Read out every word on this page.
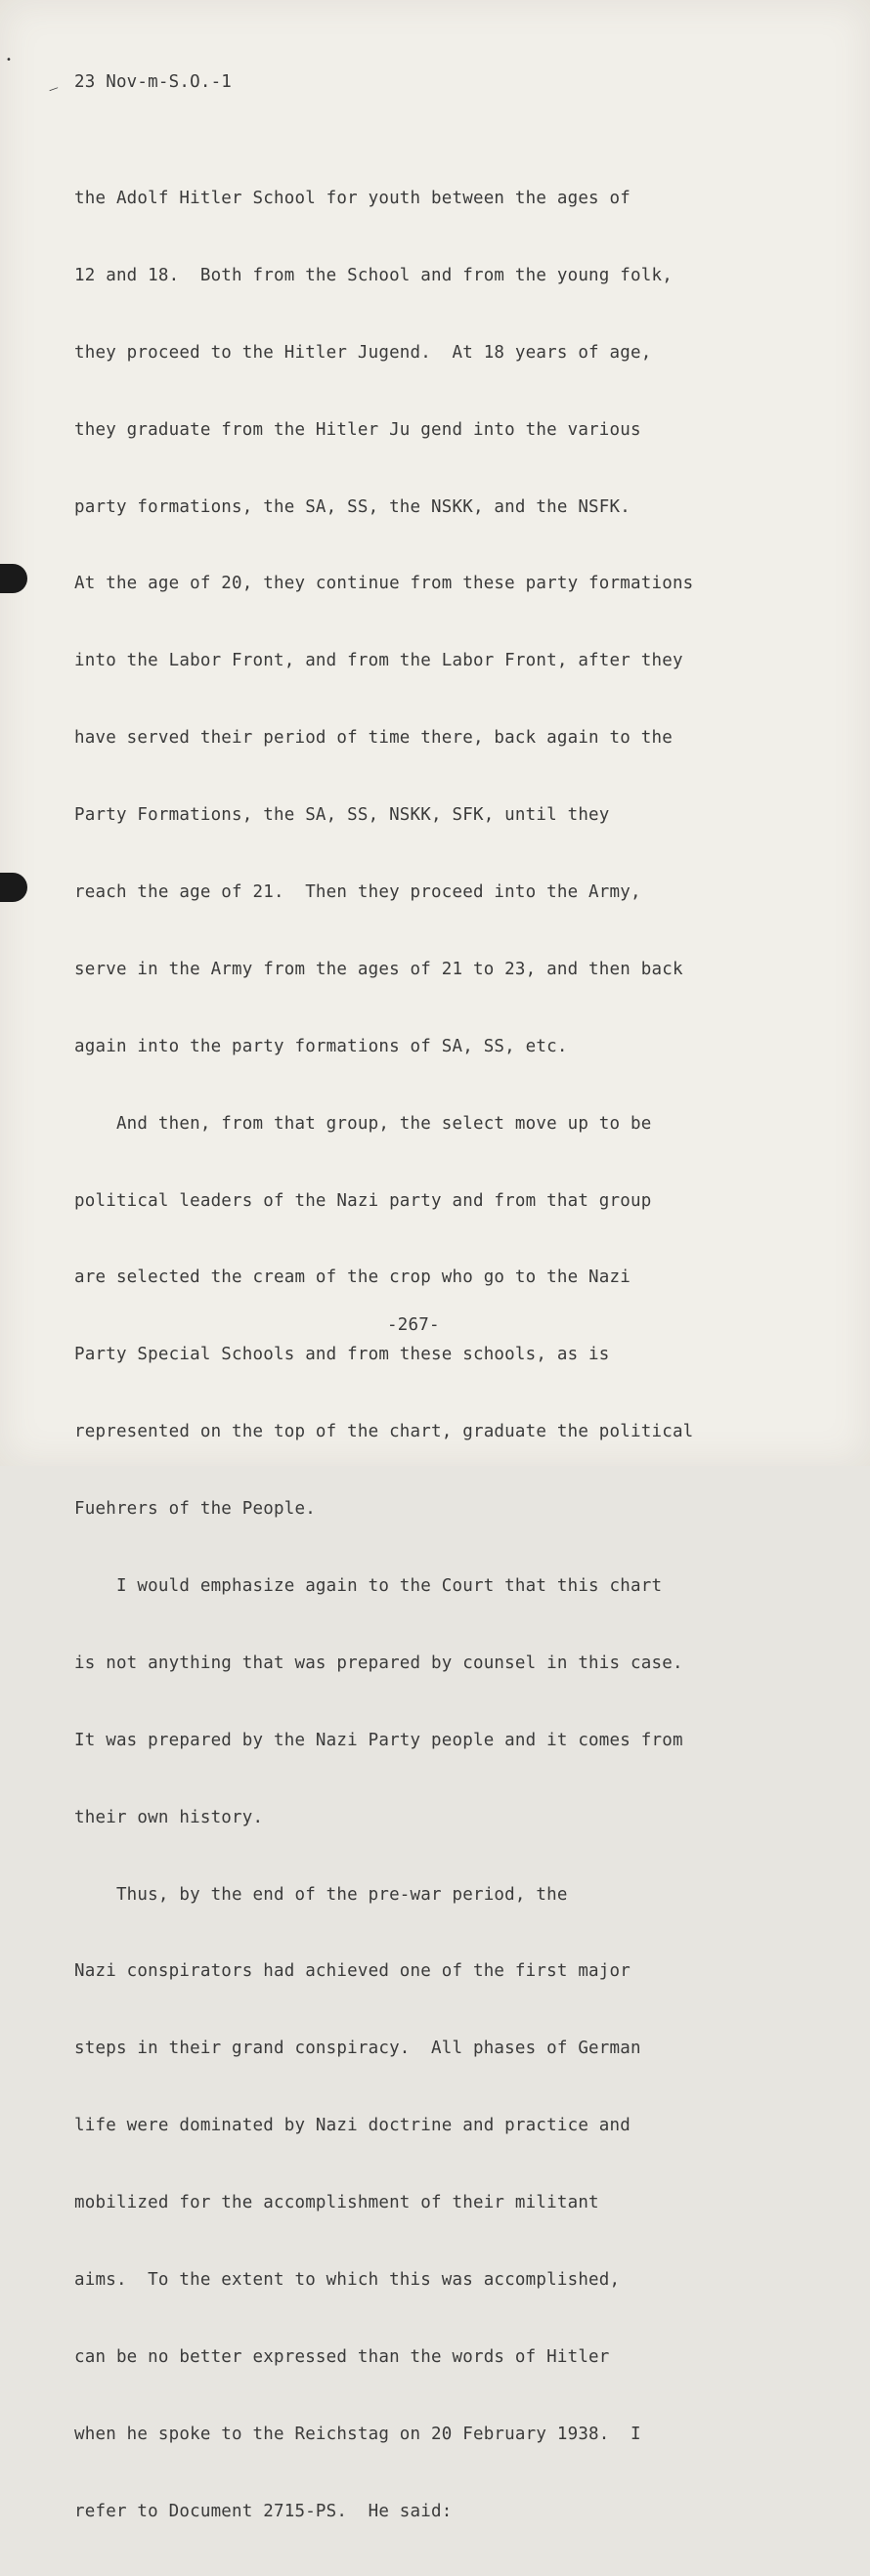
•
— 23 Nov-m-S.O.-1

the Adolf Hitler School for youth between the ages of

12 and 18.  Both from the School and from the young folk,

they proceed to the Hitler Jugend.  At 18 years of age,

they graduate from the Hitler Ju gend into the various

party formations, the SA, SS, the NSKK, and the NSFK.

At the age of 20, they continue from these party formations

into the Labor Front, and from the Labor Front, after they

have served their period of time there, back again to the

Party Formations, the SA, SS, NSKK, SFK, until they

reach the age of 21.  Then they proceed into the Army,

serve in the Army from the ages of 21 to 23, and then back

again into the party formations of SA, SS, etc.

And then, from that group, the select move up to be

political leaders of the Nazi party and from that group

are selected the cream of the crop who go to the Nazi

Party Special Schools and from these schools, as is

represented on the top of the chart, graduate the political

Fuehrers of the People.

I would emphasize again to the Court that this chart

is not anything that was prepared by counsel in this case.

It was prepared by the Nazi Party people and it comes from

their own history.

Thus, by the end of the pre-war period, the

Nazi conspirators had achieved one of the first major

steps in their grand conspiracy.  All phases of German

life were dominated by Nazi doctrine and practice and

mobilized for the accomplishment of their militant

aims.  To the extent to which this was accomplished,

can be no better expressed than the words of Hitler

when he spoke to the Reichstag on 20 February 1938.  I

refer to Document 2715-PS.  He said:

-267-
